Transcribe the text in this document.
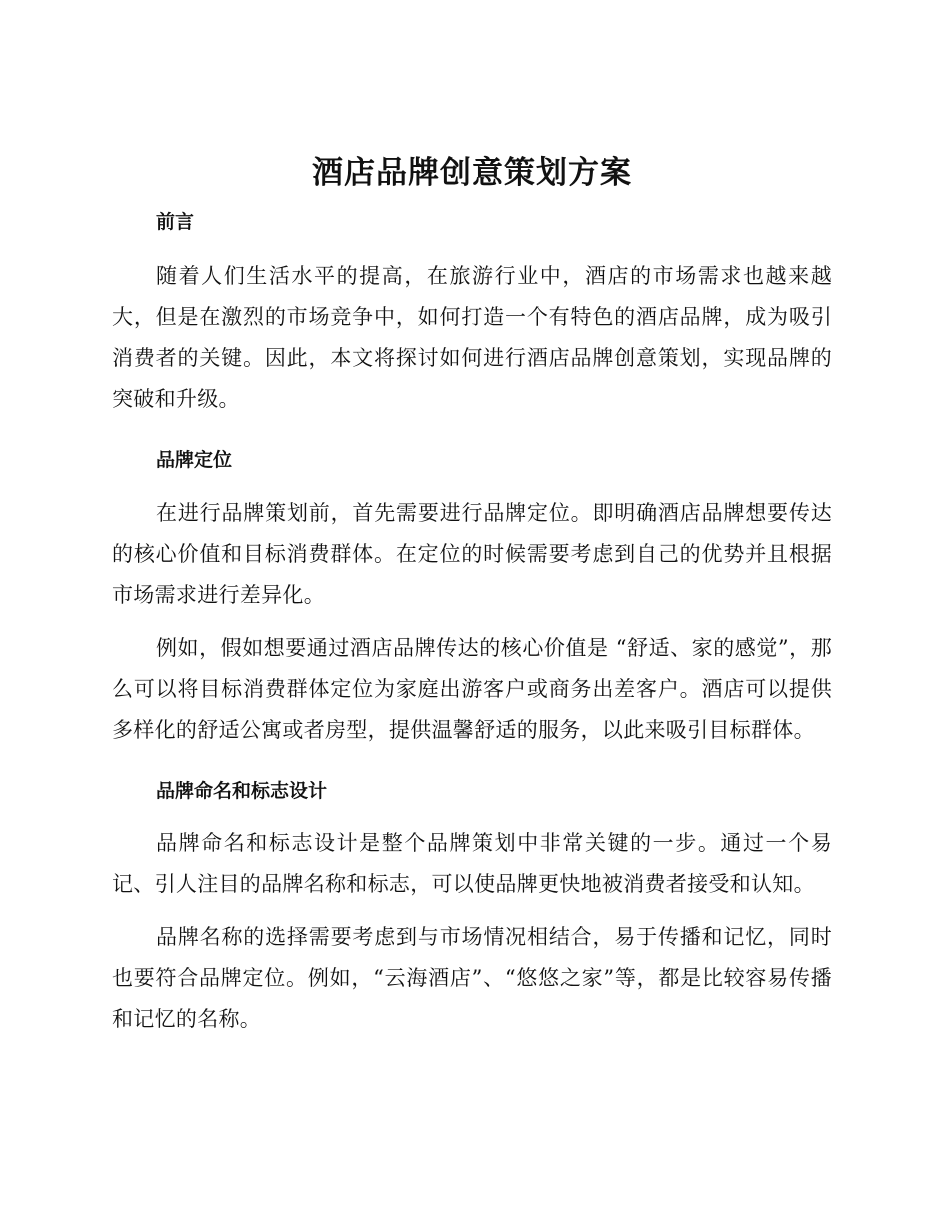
酒店品牌创意策划方案
前言

随着人们生活水平的提高，在旅游行业中，酒店的市场需求也越来越大，但是在激烈的市场竞争中，如何打造一个有特色的酒店品牌，成为吸引消费者的关键。因此，本文将探讨如何进行酒店品牌创意策划，实现品牌的突破和升级。

品牌定位

在进行品牌策划前，首先需要进行品牌定位。即明确酒店品牌想要传达的核心价值和目标消费群体。在定位的时候需要考虑到自己的优势并且根据市场需求进行差异化。

例如，假如想要通过酒店品牌传达的核心价值是 “舒适、家的感觉”，那么可以将目标消费群体定位为家庭出游客户或商务出差客户。酒店可以提供多样化的舒适公寓或者房型，提供温馨舒适的服务，以此来吸引目标群体。

品牌命名和标志设计

品牌命名和标志设计是整个品牌策划中非常关键的一步。通过一个易记、引人注目的品牌名称和标志，可以使品牌更快地被消费者接受和认知。

品牌名称的选择需要考虑到与市场情况相结合，易于传播和记忆，同时也要符合品牌定位。例如，“云海酒店”、“悠悠之家”等，都是比较容易传播和记忆的名称。
